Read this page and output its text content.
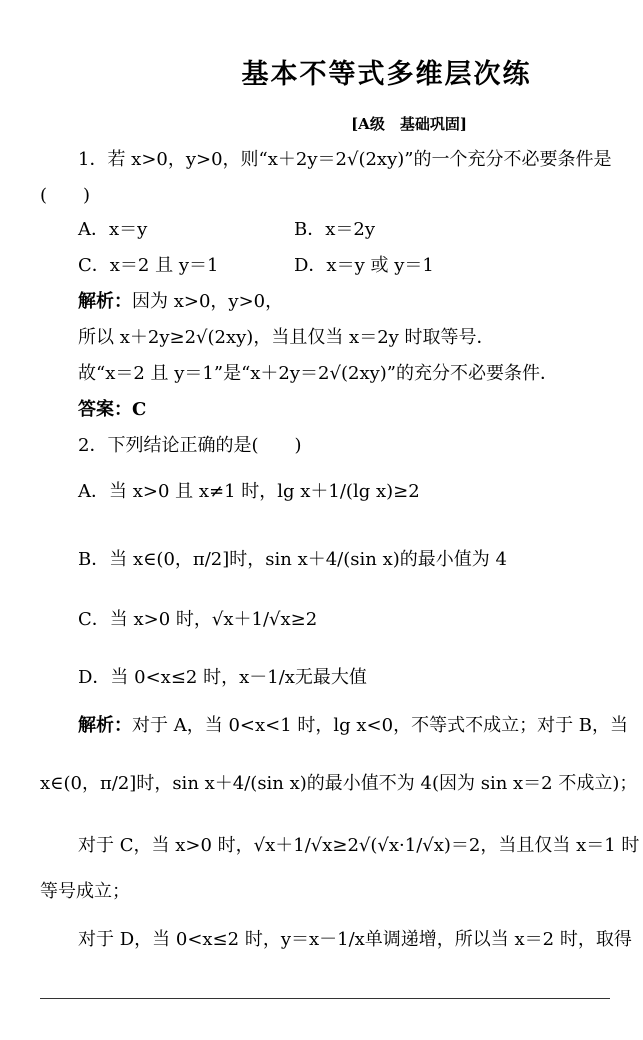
基本不等式多维层次练
[A级　基础巩固]
1．若 x>0，y>0，则“x＋2y＝2√(2xy)”的一个充分不必要条件是
(　　)
A．x＝y	B．x＝2y
C．x＝2 且 y＝1	D．x＝y 或 y＝1
解析：因为 x>0，y>0，
所以 x＋2y≥2√(2xy)，当且仅当 x＝2y 时取等号．
故“x＝2 且 y＝1”是“x＋2y＝2√(2xy)”的充分不必要条件．
答案：C
2．下列结论正确的是(　　)
A．当 x>0 且 x≠1 时，lg x＋1/(lg x)≥2
B．当 x∈(0，π/2]时，sin x＋4/(sin x)的最小值为 4
C．当 x>0 时，√x＋1/√x≥2
D．当 0<x≤2 时，x－1/x无最大值
解析：对于 A，当 0<x<1 时，lg x<0，不等式不成立；对于 B，当
x∈(0，π/2]时，sin x＋4/(sin x)的最小值不为 4(因为 sin x＝2 不成立)；
对于 C，当 x>0 时，√x＋1/√x≥2√(√x·1/√x)＝2，当且仅当 x＝1 时
等号成立；
对于 D，当 0<x≤2 时，y＝x－1/x单调递增，所以当 x＝2 时，取得
